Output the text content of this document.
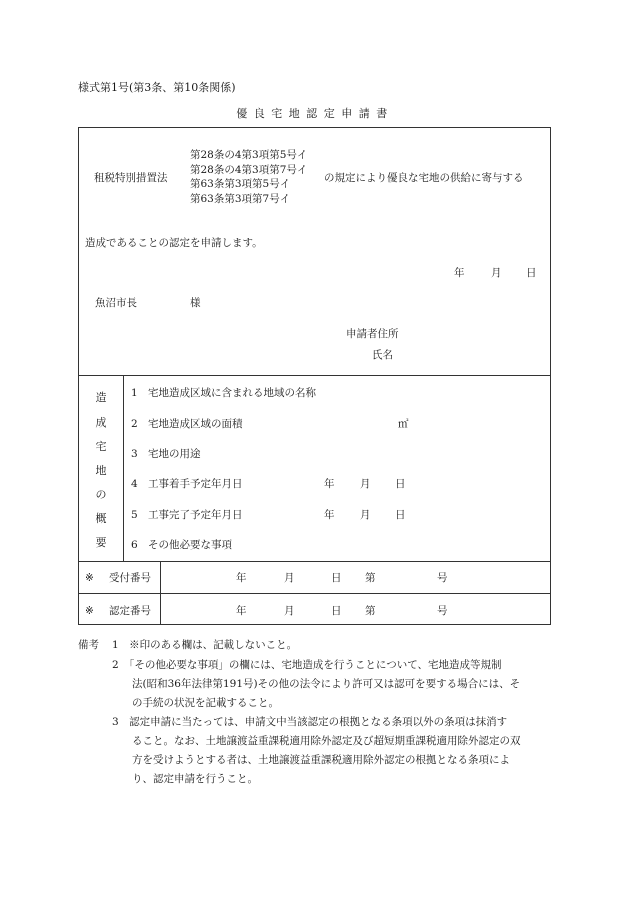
様式第1号(第3条、第10条関係)
優良宅地認定申請書
租税特別措置法
第28条の4第3項第5号イ
第28条の4第3項第7号イ
第63条第3項第5号イ
第63条第3項第7号イ
の規定により優良な宅地の供給に寄与する
造成であることの認定を申請します。
年	月 日
魚沼市長	様
申請者住所
氏名
造
成
宅
地
の
概
要
1 宅地造成区域に含まれる地域の名称
2 宅地造成区域の面積	㎡
3 宅地の用途
4 工事着手予定年月日	年 月 日
5 工事完了予定年月日	年 月 日
6 その他必要な事項
※ 受付番号	年	月	日 第	号
※ 認定番号	年	月	日 第	号
備考 1　※印のある欄は、記載しないこと。
2　「その他必要な事項」の欄には、宅地造成を行うことについて、宅地造成等規制
法(昭和36年法律第191号)その他の法令により許可又は認可を要する場合には、そ
の手続の状況を記載すること。
3　認定申請に当たっては、申請文中当該認定の根拠となる条項以外の条項は抹消す
ること。なお、土地譲渡益重課税適用除外認定及び超短期重課税適用除外認定の双
方を受けようとする者は、土地譲渡益重課税適用除外認定の根拠となる条項によ
り、認定申請を行うこと。
